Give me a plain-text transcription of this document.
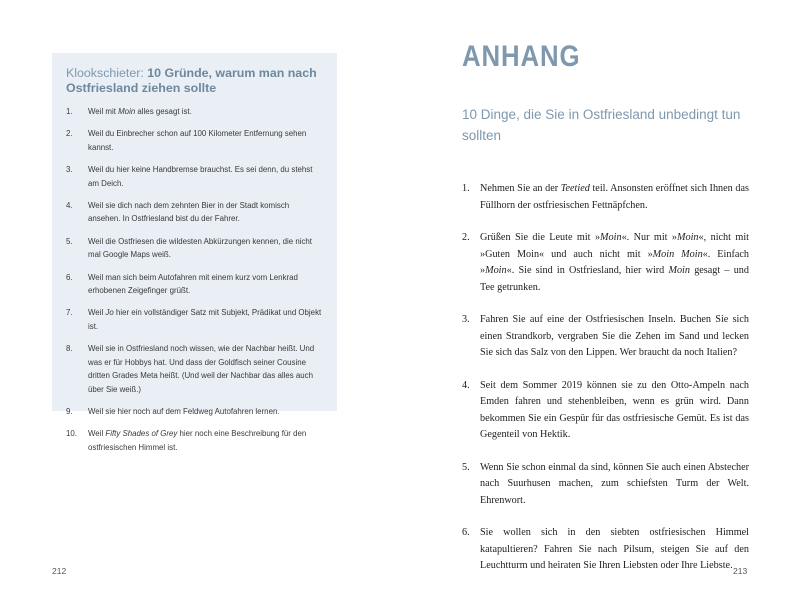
Klookschieter: 10 Gründe, warum man nach Ostfriesland ziehen sollte
1. Weil mit Moin alles gesagt ist.
2. Weil du Einbrecher schon auf 100 Kilometer Entfernung sehen kannst.
3. Weil du hier keine Handbremse brauchst. Es sei denn, du stehst am Deich.
4. Weil sie dich nach dem zehnten Bier in der Stadt komisch ansehen. In Ostfriesland bist du der Fahrer.
5. Weil die Ostfriesen die wildesten Abkürzungen kennen, die nicht mal Google Maps weiß.
6. Weil man sich beim Autofahren mit einem kurz vom Lenkrad erhobenen Zeigefinger grüßt.
7. Weil Jo hier ein vollständiger Satz mit Subjekt, Prädikat und Objekt ist.
8. Weil sie in Ostfriesland noch wissen, wie der Nachbar heißt. Und was er für Hobbys hat. Und dass der Goldfisch seiner Cousine dritten Grades Meta heißt. (Und weil der Nachbar das alles auch über Sie weiß.)
9. Weil sie hier noch auf dem Feldweg Autofahren lernen.
10. Weil Fifty Shades of Grey hier noch eine Beschreibung für den ostfriesischen Himmel ist.
212
ANHANG
10 Dinge, die Sie in Ostfriesland unbedingt tun sollten
1. Nehmen Sie an der Teetied teil. Ansonsten eröffnet sich Ihnen das Füllhorn der ostfriesischen Fettnäpfchen.
2. Grüßen Sie die Leute mit »Moin«. Nur mit »Moin«, nicht mit »Guten Moin« und auch nicht mit »Moin Moin«. Einfach »Moin«. Sie sind in Ostfriesland, hier wird Moin gesagt – und Tee getrunken.
3. Fahren Sie auf eine der Ostfriesischen Inseln. Buchen Sie sich einen Strandkorb, vergraben Sie die Zehen im Sand und lecken Sie sich das Salz von den Lippen. Wer braucht da noch Italien?
4. Seit dem Sommer 2019 können sie zu den Otto-Ampeln nach Emden fahren und stehenbleiben, wenn es grün wird. Dann bekommen Sie ein Gespür für das ostfriesische Gemüt. Es ist das Gegenteil von Hektik.
5. Wenn Sie schon einmal da sind, können Sie auch einen Abstecher nach Suurhusen machen, zum schiefsten Turm der Welt. Ehrenwort.
6. Sie wollen sich in den siebten ostfriesischen Himmel katapultieren? Fahren Sie nach Pilsum, steigen Sie auf den Leuchtturm und heiraten Sie Ihren Liebsten oder Ihre Liebste. 213
